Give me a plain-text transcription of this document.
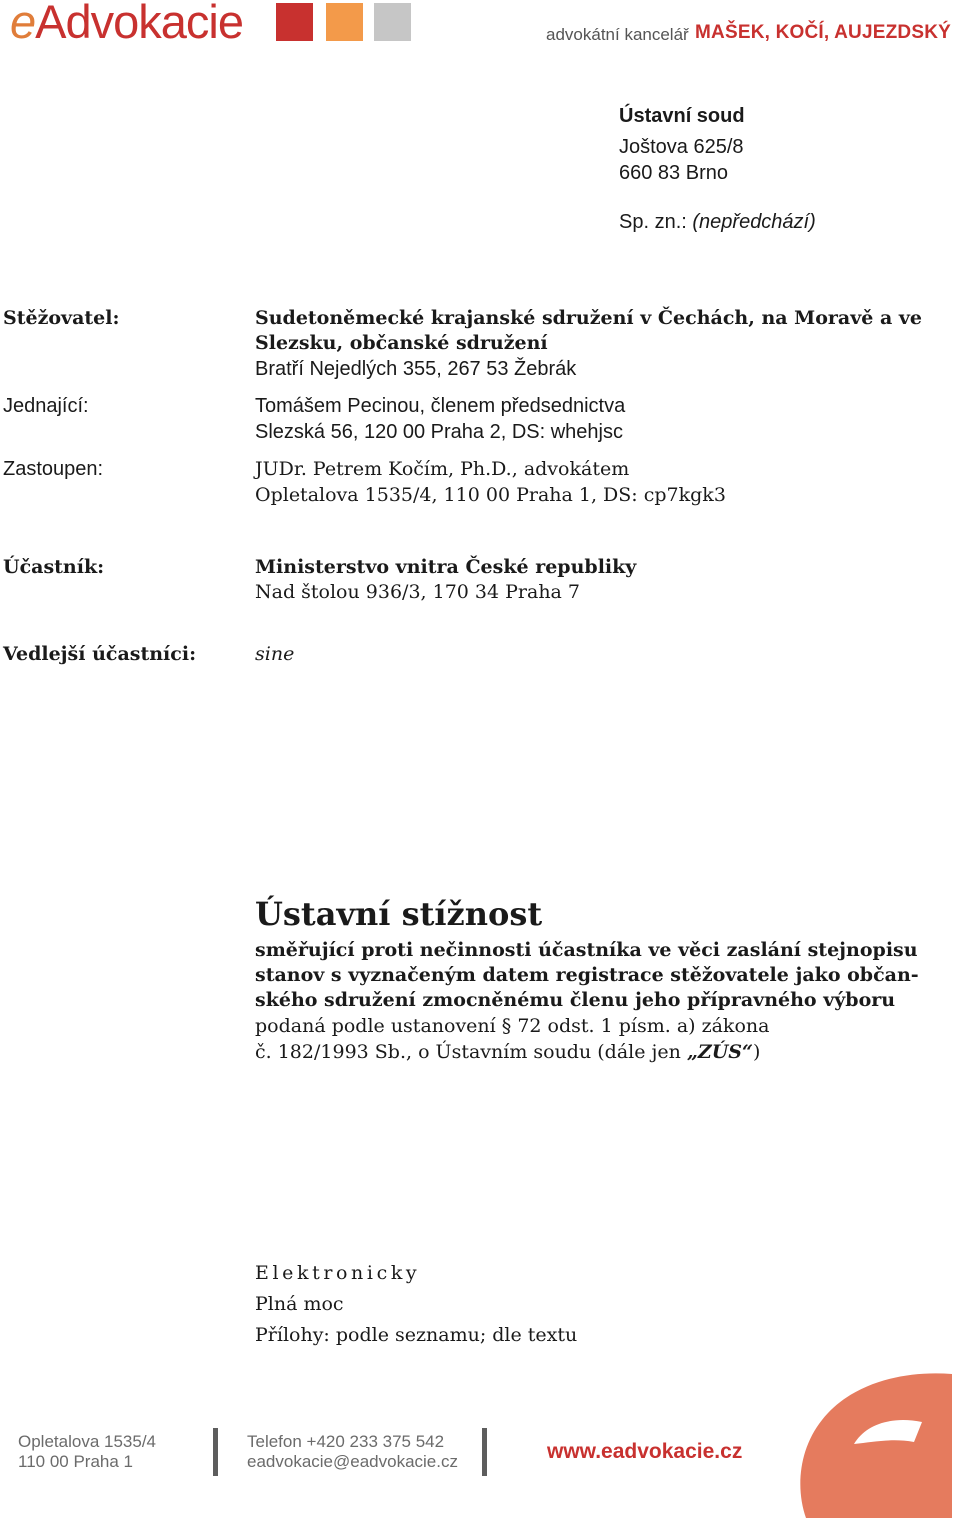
eAdvokacie	advokátní kancelář MAŠEK, KOČÍ, AUJEZDSKÝ
Ústavní soud
Joštova 625/8
660 83 Brno
Sp. zn.: (nepředchází)
Stěžovatel:	Sudetoněmecké krajanské sdružení v Čechách, na Moravě a ve
Slezsku, občanské sdružení
Bratří Nejedlých 355, 267 53 Žebrák
Jednající:	Tomášem Pecinou, členem předsednictva
Slezská 56, 120 00 Praha 2, DS: whehjsc
Zastoupen:	JUDr. Petrem Kočím, Ph.D., advokátem
Opletalova 1535/4, 110 00 Praha 1, DS: cp7kgk3
Účastník:	Ministerstvo vnitra České republiky
Nad štolou 936/3, 170 34 Praha 7
Vedlejší účastníci:	sine
Ústavní stížnost
směřující proti nečinnosti účastníka ve věci zaslání stejnopisu
stanov s vyznačeným datem registrace stěžovatele jako občan-
ského sdružení zmocněnému členu jeho přípravného výboru
podaná podle ustanovení § 72 odst. 1 písm. a) zákona
č. 182/1993 Sb., o Ústavním soudu (dále jen „ZÚS“)
Elektronicky
Plná moc
Přílohy: podle seznamu; dle textu
Opletalova 1535/4
110 00 Praha 1
Telefon +420 233 375 542
eadvokacie@eadvokacie.cz	www.eadvokacie.cz
